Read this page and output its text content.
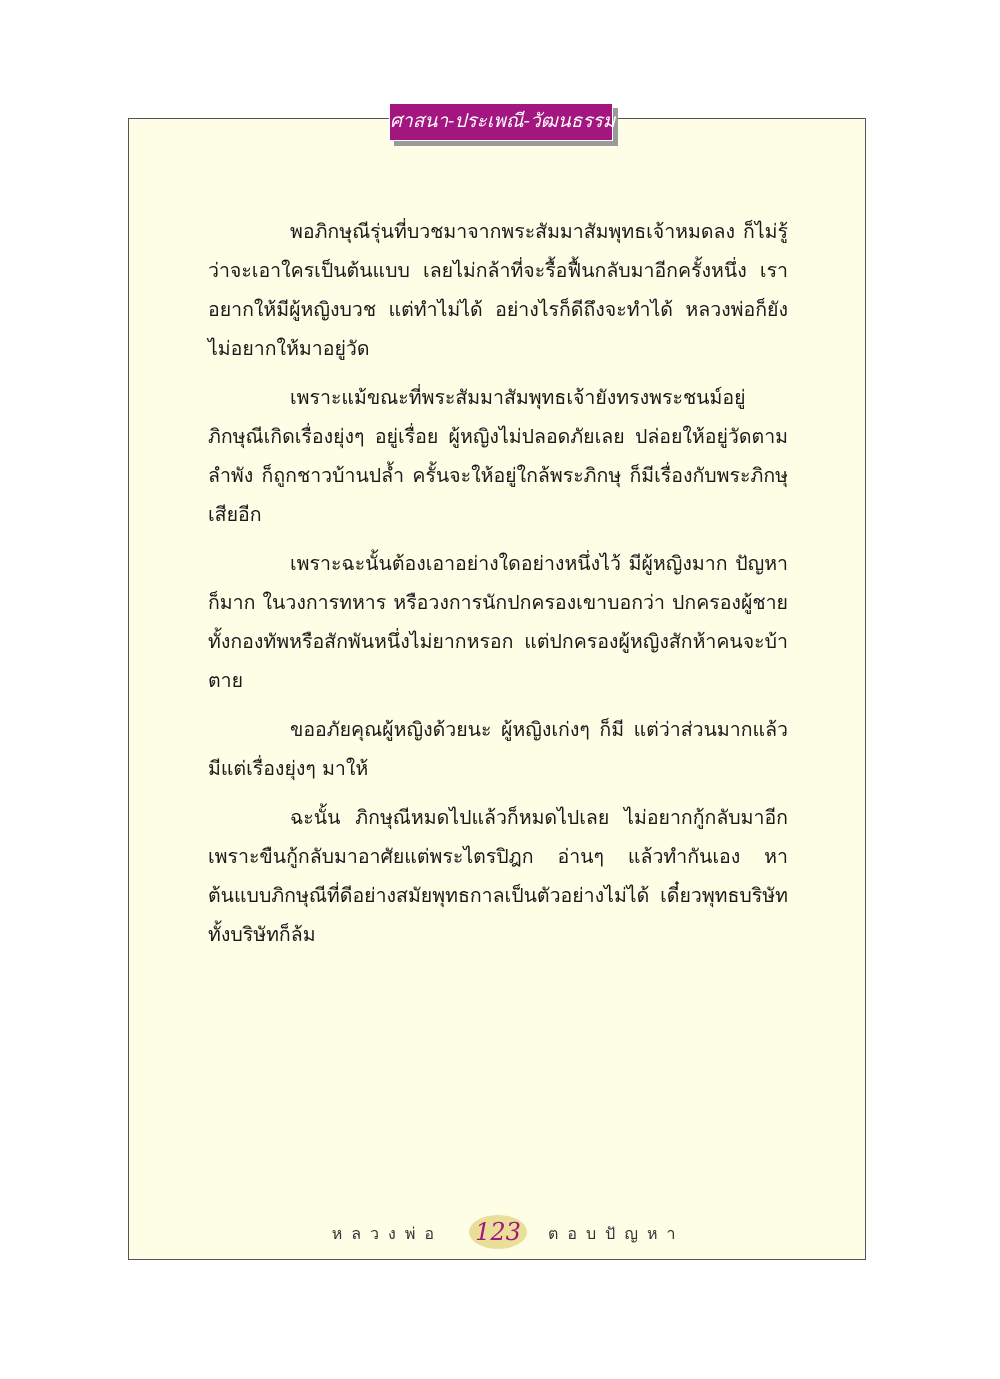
ศาสนา-ประเพณี-วัฒนธรรม

พอภิกษุณีรุ่นที่บวชมาจากพระสัมมาสัมพุทธเจ้าหมดลง ก็ไม่รู้ว่าจะเอาใครเป็นต้นแบบ เลยไม่กล้าที่จะรื้อฟื้นกลับมาอีกครั้งหนึ่ง เราอยากให้มีผู้หญิงบวช แต่ทำไม่ได้ อย่างไรก็ดีถึงจะทำได้ หลวงพ่อก็ยังไม่อยากให้มาอยู่วัด

เพราะแม้ขณะที่พระสัมมาสัมพุทธเจ้ายังทรงพระชนม์อยู่ ภิกษุณีเกิดเรื่องยุ่งๆ อยู่เรื่อย ผู้หญิงไม่ปลอดภัยเลย ปล่อยให้อยู่วัดตามลำพัง ก็ถูกชาวบ้านปล้ำ ครั้นจะให้อยู่ใกล้พระภิกษุ ก็มีเรื่องกับพระภิกษุเสียอีก

เพราะฉะนั้นต้องเอาอย่างใดอย่างหนึ่งไว้ มีผู้หญิงมาก ปัญหาก็มาก ในวงการทหาร หรือวงการนักปกครองเขาบอกว่า ปกครองผู้ชายทั้งกองทัพหรือสักพันหนึ่งไม่ยากหรอก แต่ปกครองผู้หญิงสักห้าคนจะบ้าตาย

ขออภัยคุณผู้หญิงด้วยนะ ผู้หญิงเก่งๆ ก็มี แต่ว่าส่วนมากแล้วมีแต่เรื่องยุ่งๆ มาให้

ฉะนั้น ภิกษุณีหมดไปแล้วก็หมดไปเลย ไม่อยากกู้กลับมาอีก เพราะขืนกู้กลับมาอาศัยแต่พระไตรปิฎก อ่านๆ แล้วทำกันเอง หาต้นแบบภิกษุณีที่ดีอย่างสมัยพุทธกาลเป็นตัวอย่างไม่ได้ เดี๋ยวพุทธบริษัททั้งบริษัทก็ล้ม

หลวงพ่อ 123	ตอบปัญหา
